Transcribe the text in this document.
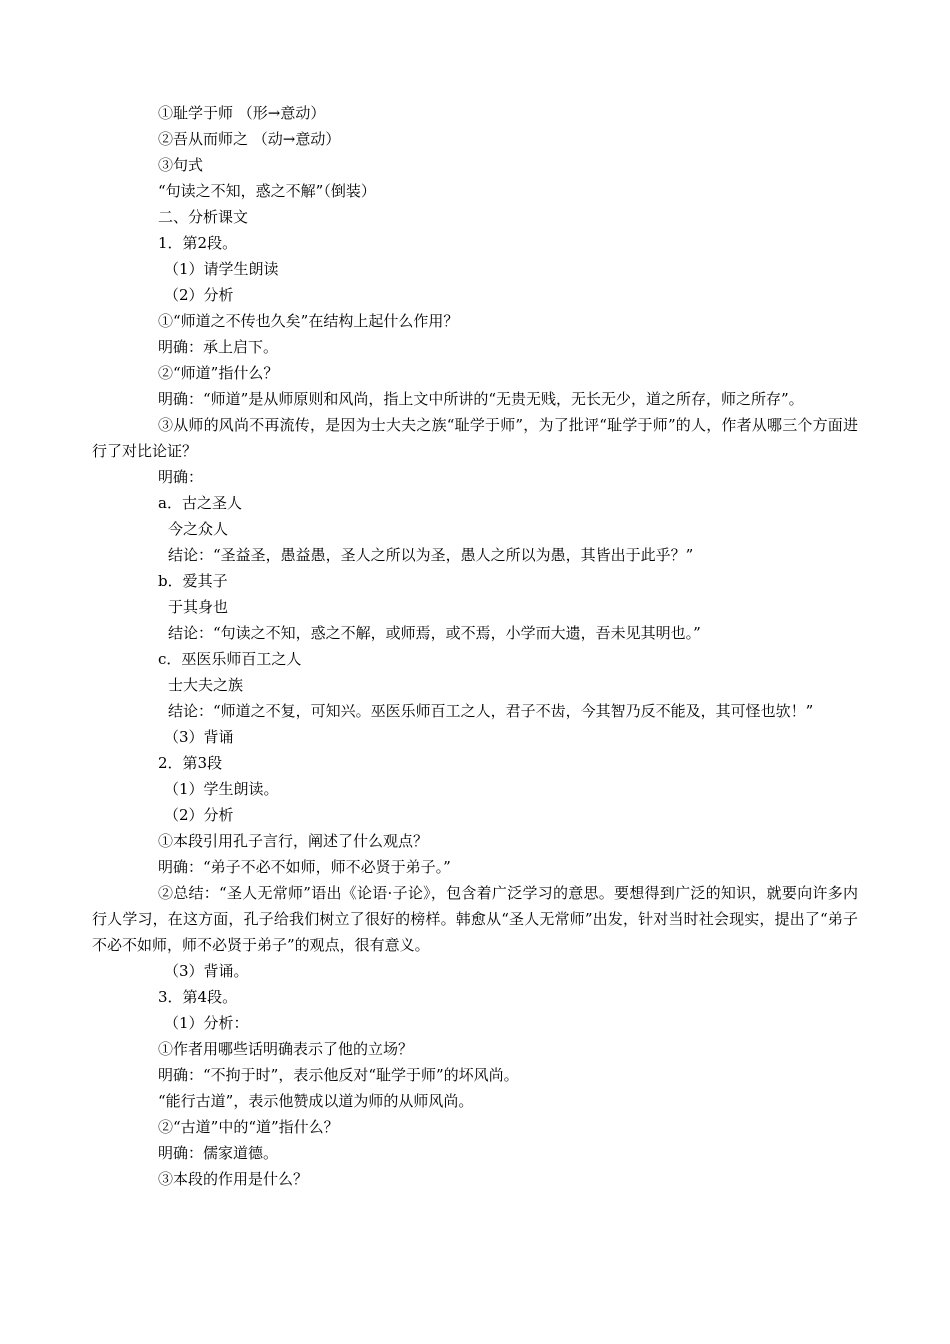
①耻学于师 （形→意动）
②吾从而师之 （动→意动）
③句式
“句读之不知，惑之不解”（倒装）
二、分析课文
1．第2段。
（1）请学生朗读
（2）分析
①“师道之不传也久矣”在结构上起什么作用？
明确：承上启下。
②“师道”指什么？
明确：“师道”是从师原则和风尚，指上文中所讲的“无贵无贱，无长无少，道之所存，师之所存”。
③从师的风尚不再流传，是因为士大夫之族“耻学于师”，为了批评“耻学于师”的人，作者从哪三个方面进行了对比论证？
明确：
a．古之圣人
今之众人
结论：“圣益圣，愚益愚，圣人之所以为圣，愚人之所以为愚，其皆出于此乎？”
b．爱其子
于其身也
结论：“句读之不知，惑之不解，或师焉，或不焉，小学而大遗，吾未见其明也。”
c．巫医乐师百工之人
士大夫之族
结论：“师道之不复，可知兴。巫医乐师百工之人，君子不齿，今其智乃反不能及，其可怪也欤！”
（3）背诵
2．第3段
（1）学生朗读。
（2）分析
①本段引用孔子言行，阐述了什么观点？
明确：“弟子不必不如师，师不必贤于弟子。”
②总结：“圣人无常师”语出《论语·子论》，包含着广泛学习的意思。要想得到广泛的知识，就要向许多内行人学习，在这方面，孔子给我们树立了很好的榜样。韩愈从“圣人无常师”出发，针对当时社会现实，提出了“弟子不必不如师，师不必贤于弟子”的观点，很有意义。
（3）背诵。
3．第4段。
（1）分析：
①作者用哪些话明确表示了他的立场？
明确：“不拘于时”，表示他反对“耻学于师”的坏风尚。
“能行古道”，表示他赞成以道为师的从师风尚。
②“古道”中的“道”指什么？
明确：儒家道德。
③本段的作用是什么？
